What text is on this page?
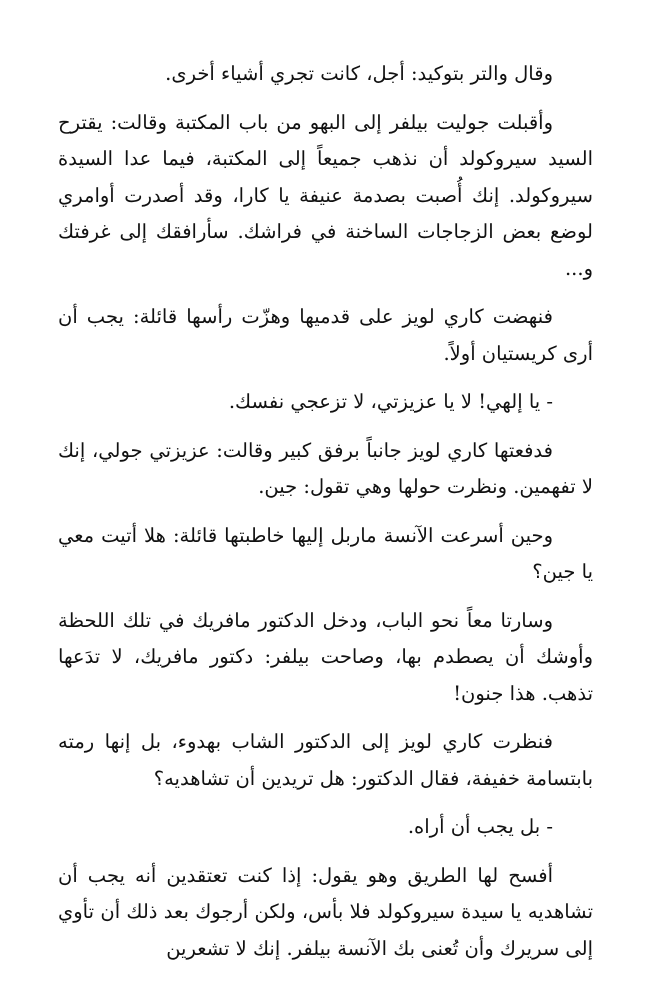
وقال والتر بتوكيد: أجل، كانت تجري أشياء أخرى.

وأقبلت جوليت بيلفر إلى البهو من باب المكتبة وقالت: يقترح السيد سيروكولد أن نذهب جميعاً إلى المكتبة، فيما عدا السيدة سيروكولد. إنك أُصبت بصدمة عنيفة يا كارا، وقد أصدرت أوامري لوضع بعض الزجاجات الساخنة في فراشك. سأرافقك إلى غرفتك و...

فنهضت كاري لويز على قدميها وهزّت رأسها قائلة: يجب أن أرى كريستيان أولاً.

- يا إلهي! لا يا عزيزتي، لا تزعجي نفسك.

فدفعتها كاري لويز جانباً برفق كبير وقالت: عزيزتي جولي، إنك لا تفهمين. ونظرت حولها وهي تقول: جين.

وحين أسرعت الآنسة ماربل إليها خاطبتها قائلة: هلا أتيت معي يا جين؟

وسارتا معاً نحو الباب، ودخل الدكتور مافريك في تلك اللحظة وأوشك أن يصطدم بها، وصاحت بيلفر: دكتور مافريك، لا تدَعها تذهب. هذا جنون!

فنظرت كاري لويز إلى الدكتور الشاب بهدوء، بل إنها رمته بابتسامة خفيفة، فقال الدكتور: هل تريدين أن تشاهديه؟

- بل يجب أن أراه.

أفسح لها الطريق وهو يقول: إذا كنت تعتقدين أنه يجب أن تشاهديه يا سيدة سيروكولد فلا بأس، ولكن أرجوك بعد ذلك أن تأوي إلى سريرك وأن تُعنى بك الآنسة بيلفر. إنك لا تشعرين
